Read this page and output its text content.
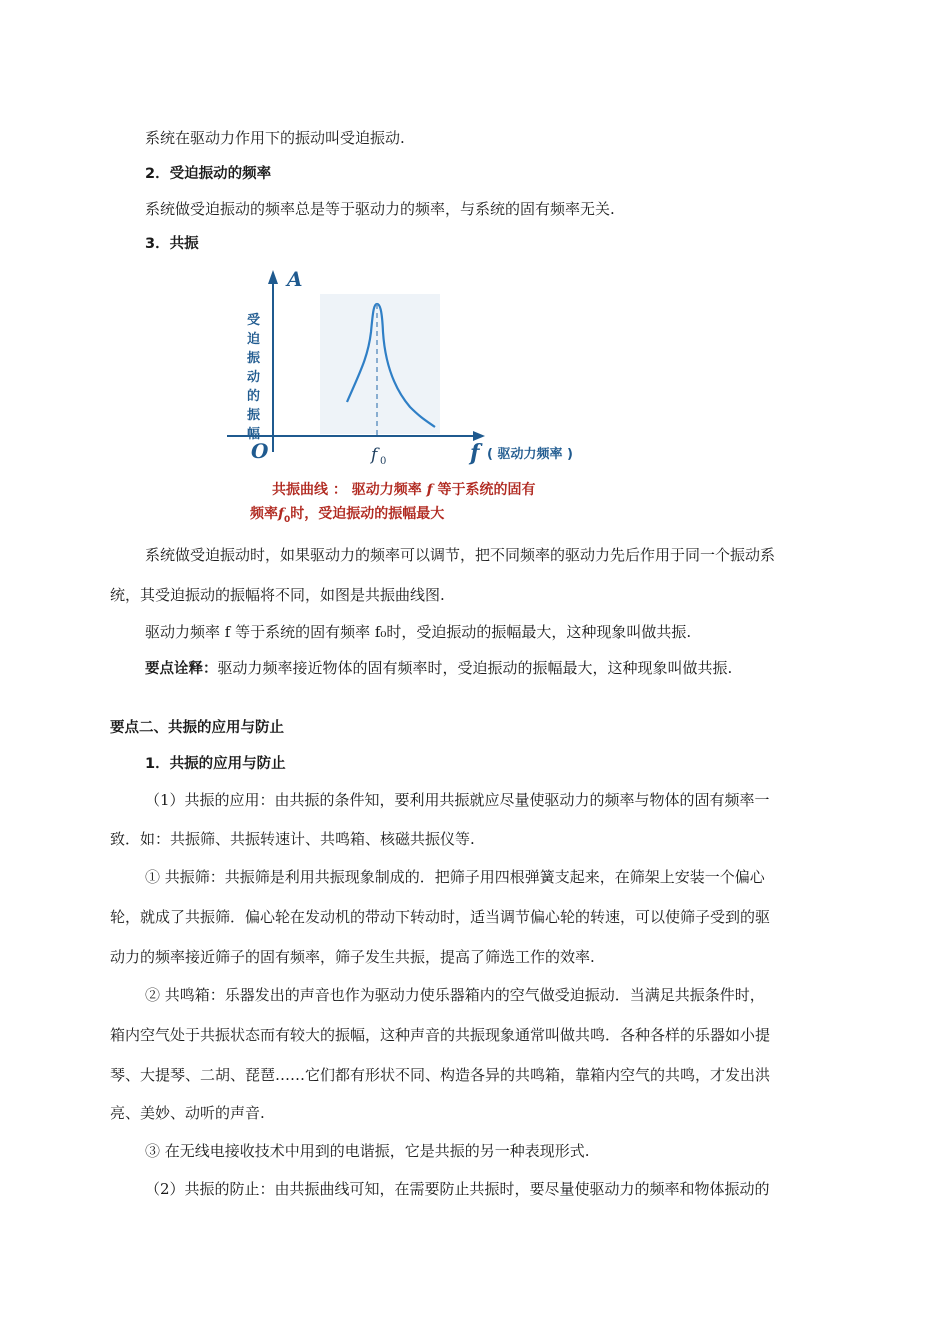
系统在驱动力作用下的振动叫受迫振动.
2．受迫振动的频率
系统做受迫振动的频率总是等于驱动力的频率，与系统的固有频率无关.
3．共振
A
O	f 0	f ( 驱动力频率 )
受
迫
振
动
的
振
幅
共振曲线 ： 驱动力频率 f 等于系统的固有
频率$f_0$时，受迫振动的振幅最大
系统做受迫振动时，如果驱动力的频率可以调节，把不同频率的驱动力先后作用于同一个振动系
统，其受迫振动的振幅将不同，如图是共振曲线图.
驱动力频率 f 等于系统的固有频率 f₀时，受迫振动的振幅最大，这种现象叫做共振.
要点诠释：驱动力频率接近物体的固有频率时，受迫振动的振幅最大，这种现象叫做共振.
要点二、共振的应用与防止
1．共振的应用与防止
（1）共振的应用：由共振的条件知，要利用共振就应尽量使驱动力的频率与物体的固有频率一
致．如：共振筛、共振转速计、共鸣箱、核磁共振仪等.
① 共振筛：共振筛是利用共振现象制成的．把筛子用四根弹簧支起来，在筛架上安装一个偏心
轮，就成了共振筛．偏心轮在发动机的带动下转动时，适当调节偏心轮的转速，可以使筛子受到的驱
动力的频率接近筛子的固有频率，筛子发生共振，提高了筛选工作的效率.
② 共鸣箱：乐器发出的声音也作为驱动力使乐器箱内的空气做受迫振动．当满足共振条件时，
箱内空气处于共振状态而有较大的振幅，这种声音的共振现象通常叫做共鸣．各种各样的乐器如小提
琴、大提琴、二胡、琵琶……它们都有形状不同、构造各异的共鸣箱，靠箱内空气的共鸣，才发出洪
亮、美妙、动听的声音.
③ 在无线电接收技术中用到的电谐振，它是共振的另一种表现形式.
（2）共振的防止：由共振曲线可知，在需要防止共振时，要尽量使驱动力的频率和物体振动的
